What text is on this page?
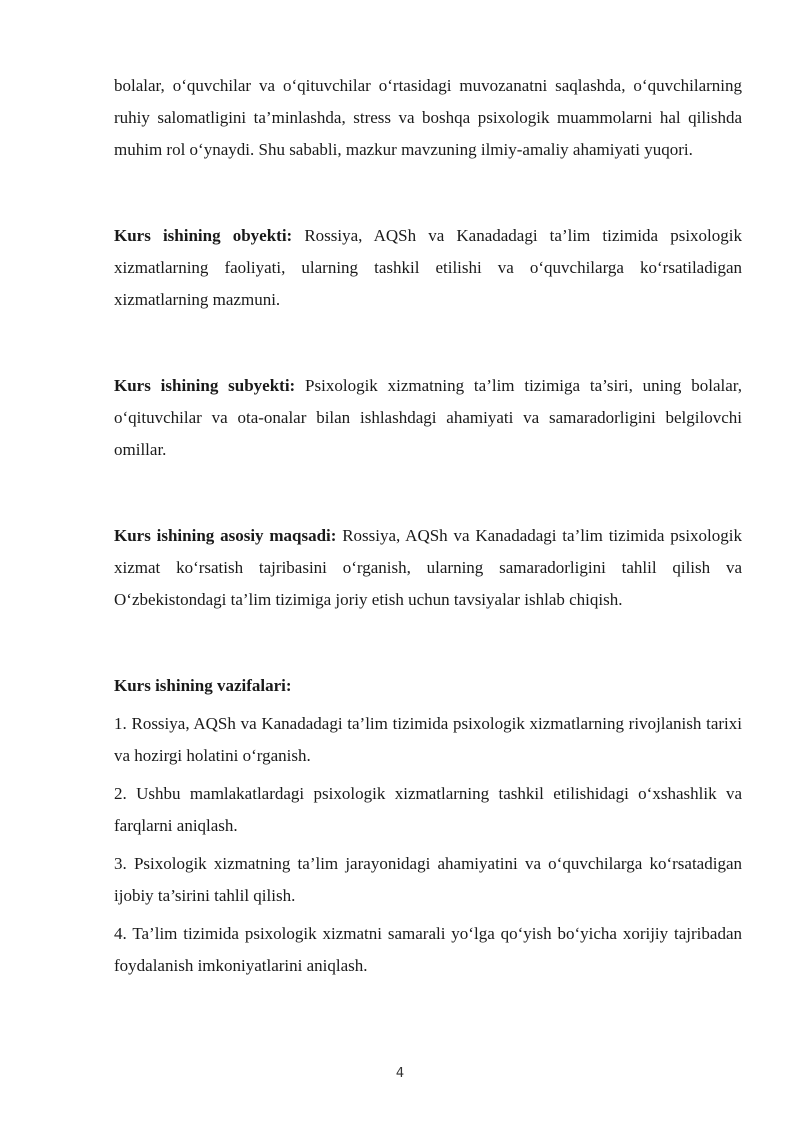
bolalar, o‘quvchilar va o‘qituvchilar o‘rtasidagi muvozanatni saqlashda, o‘quvchilarning ruhiy salomatligini ta’minlashda, stress va boshqa psixologik muammolarni hal qilishda muhim rol o‘ynaydi. Shu sababli, mazkur mavzuning ilmiy-amaliy ahamiyati yuqori.

Kurs ishining obyekti: Rossiya, AQSh va Kanadadagi ta’lim tizimida psixologik xizmatlarning faoliyati, ularning tashkil etilishi va o‘quvchilarga ko‘rsatiladigan xizmatlarning mazmuni.

Kurs ishining subyekti: Psixologik xizmatning ta’lim tizimiga ta’siri, uning bolalar, o‘qituvchilar va ota-onalar bilan ishlashdagi ahamiyati va samaradorligini belgilovchi omillar.

Kurs ishining asosiy maqsadi: Rossiya, AQSh va Kanadadagi ta’lim tizimida psixologik xizmat ko‘rsatish tajribasini o‘rganish, ularning samaradorligini tahlil qilish va O‘zbekistondagi ta’lim tizimiga joriy etish uchun tavsiyalar ishlab chiqish.

Kurs ishining vazifalari:

1. Rossiya, AQSh va Kanadadagi ta’lim tizimida psixologik xizmatlarning rivojlanish tarixi va hozirgi holatini o‘rganish.

2. Ushbu mamlakatlardagi psixologik xizmatlarning tashkil etilishidagi o‘xshashlik va farqlarni aniqlash.

3. Psixologik xizmatning ta’lim jarayonidagi ahamiyatini va o‘quvchilarga ko‘rsatadigan ijobiy ta’sirini tahlil qilish.

4. Ta’lim tizimida psixologik xizmatni samarali yo‘lga qo‘yish bo‘yicha xorijiy tajribadan foydalanish imkoniyatlarini aniqlash.

4
